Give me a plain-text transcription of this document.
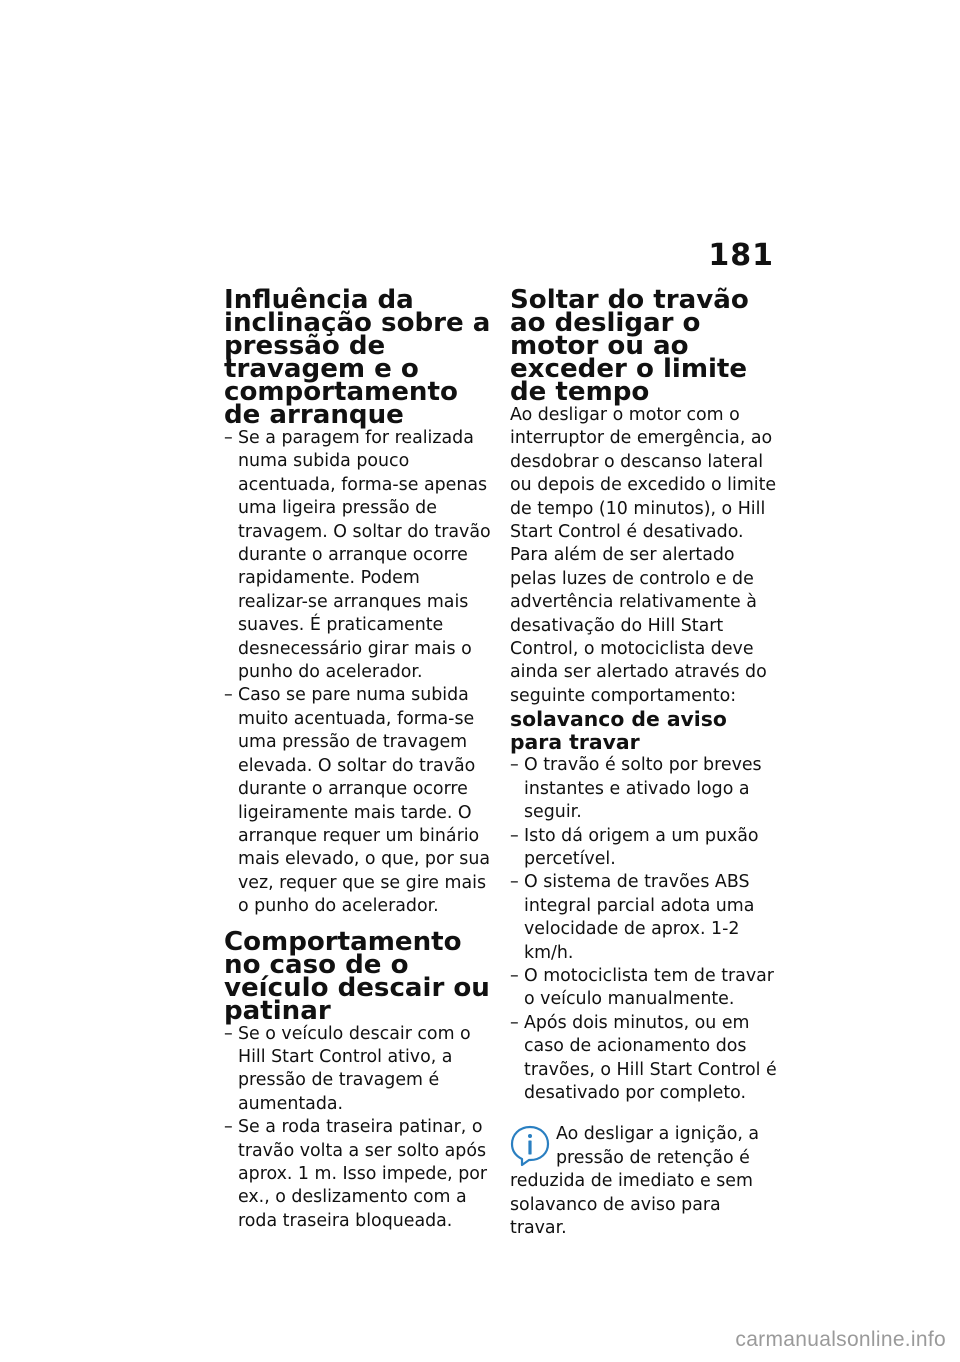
181
Influência da inclinação sobre a pressão de travagem e o comportamento de arranque
– Se a paragem for realizada numa subida pouco acentuada, forma-se apenas uma ligeira pressão de travagem. O soltar do travão durante o arranque ocorre rapidamente. Podem realizar-se arranques mais suaves. É praticamente desnecessário girar mais o punho do acelerador.
– Caso se pare numa subida muito acentuada, forma-se uma pressão de travagem elevada. O soltar do travão durante o arranque ocorre ligeiramente mais tarde. O arranque requer um binário mais elevado, o que, por sua vez, requer que se gire mais o punho do acelerador.
Comportamento no caso de o veículo descair ou patinar
– Se o veículo descair com o Hill Start Control ativo, a pressão de travagem é aumentada.
– Se a roda traseira patinar, o travão volta a ser solto após aprox. 1 m. Isso impede, por ex., o deslizamento com a roda traseira bloqueada.
Soltar do travão ao desligar o motor ou ao exceder o limite de tempo

Ao desligar o motor com o interruptor de emergência, ao desdobrar o descanso lateral ou depois de excedido o limite de tempo (10 minutos), o Hill Start Control é desativado.

Para além de ser alertado pelas luzes de controlo e de advertência relativamente à desativação do Hill Start Control, o motociclista deve ainda ser alertado através do seguinte comportamento:

solavanco de aviso para travar
– O travão é solto por breves instantes e ativado logo a seguir.
– Isto dá origem a um puxão percetível.
– O sistema de travões ABS integral parcial adota uma velocidade de aprox. 1-2 km/h.
– O motociclista tem de travar o veículo manualmente.
– Após dois minutos, ou em caso de acionamento dos travões, o Hill Start Control é desativado por completo.

Ao desligar a ignição, a pressão de retenção é reduzida de imediato e sem solavanco de aviso para travar.

carmanualsonline.info
